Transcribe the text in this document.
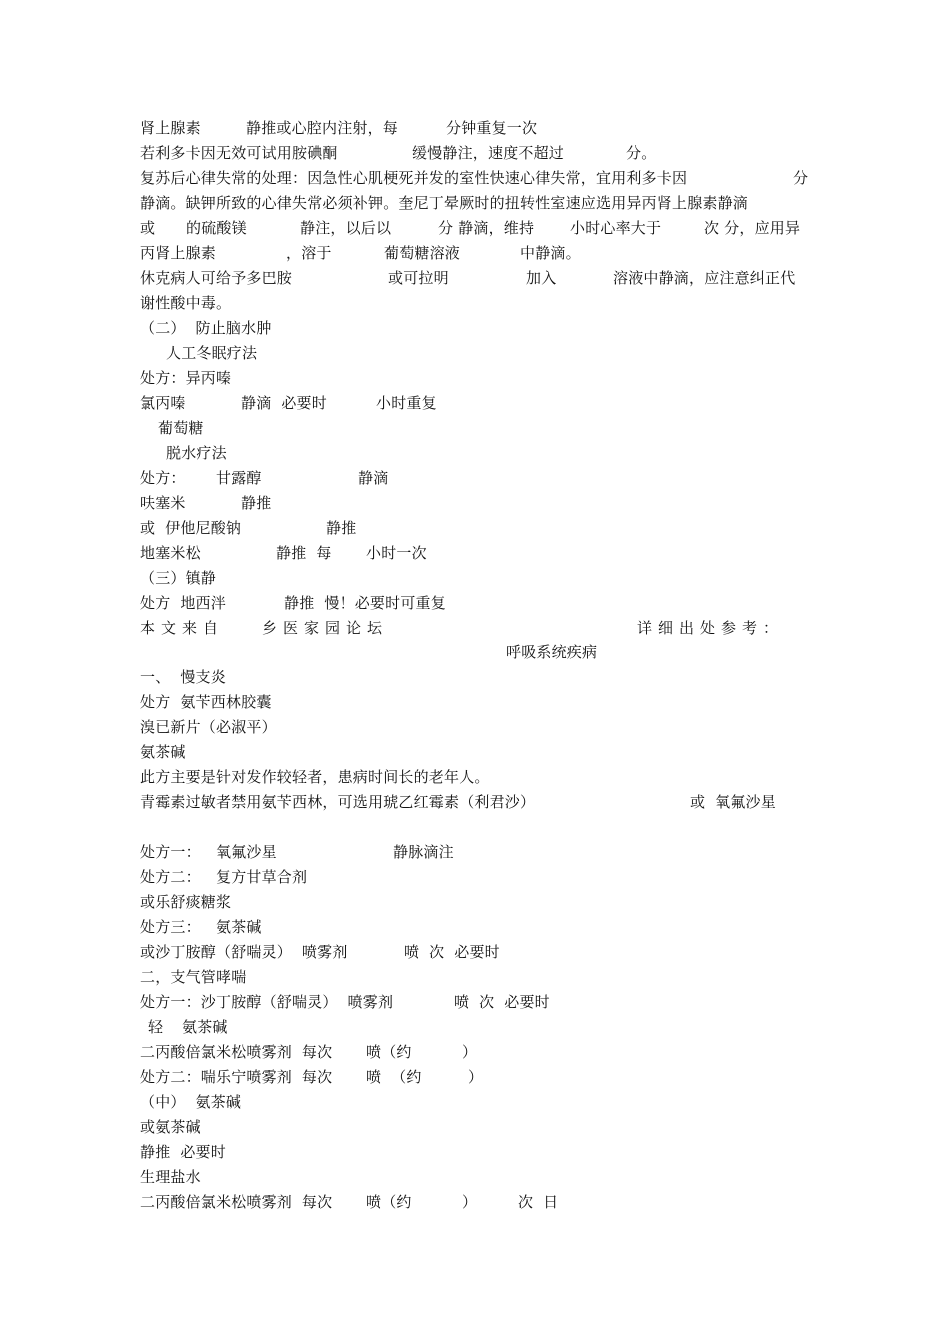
肾上腺素

	静推或心腔内注射，每

	分钟重复一次

若利多卡因无效可试用胺碘酮

	缓慢静注，速度不超过

	分。

复苏后心律失常的处理：因急性心肌梗死并发的室性快速心律失常，宜用利多卡因

	分

静滴。缺钾所致的心律失常必须补钾。奎尼丁晕厥时的扭转性室速应选用异丙肾上腺素静滴

或

的硫酸镁

	静注，以后以

	分 静滴，维持

小时心率大于

	次 分，应用异

丙肾上腺素

	，溶于

	葡萄糖溶液

	中静滴。

休克病人可给予多巴胺

	或可拉明

	加入

	溶液中静滴，应注意纠正代

谢性酸中毒。

（二）  防止脑水肿

人工冬眠疗法

处方：异丙嗪

氯丙嗪

	静滴  必要时

	小时重复

葡萄糖

脱水疗法

处方：

甘露醇

	静滴

呋塞米

	静推

或  伊他尼酸钠

	静推

地塞米松

	静推  每

小时一次

（三）镇静

处方  地西泮

	静推  慢！必要时可重复

本文来自

	乡医家园论坛

	详细出处参考：

呼吸系统疾病

一、  慢支炎

处方  氨苄西林胶囊

溴已新片（必淑平）

氨茶碱

此方主要是针对发作较轻者，患病时间长的老年人。

青霉素过敏者禁用氨苄西林，可选用琥乙红霉素（利君沙）

	或  氧氟沙星

处方一：

氧氟沙星

	静脉滴注

处方二：

复方甘草合剂

或乐舒痰糖浆

处方三：

氨茶碱

或沙丁胺醇（舒喘灵）  喷雾剂

	喷  次  必要时

二，支气管哮喘

处方一：沙丁胺醇（舒喘灵）  喷雾剂

	喷  次  必要时

轻

氨茶碱

二丙酸倍氯米松喷雾剂  每次

喷（约

	）

处方二：喘乐宁喷雾剂  每次

喷  （约

	）

（中）  氨茶碱

或氨茶碱

静推  必要时

生理盐水

二丙酸倍氯米松喷雾剂  每次

喷（约

	）

	次  日
